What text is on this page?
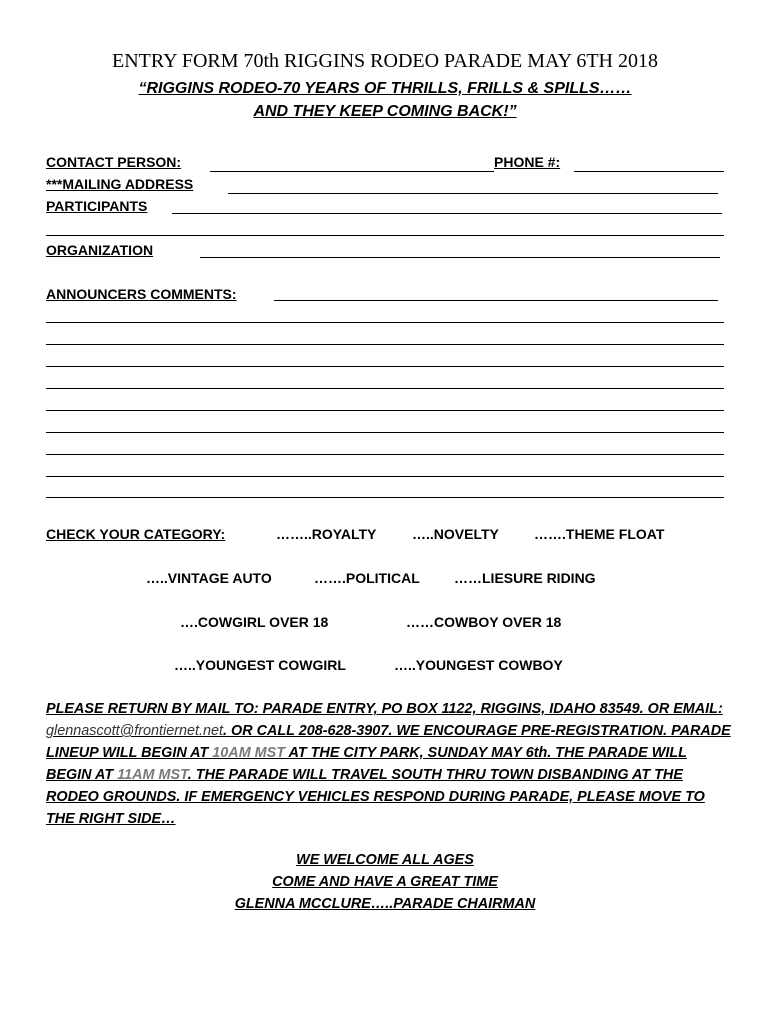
ENTRY FORM 70th RIGGINS RODEO PARADE MAY 6TH 2018
“RIGGINS RODEO-70 YEARS OF THRILLS, FRILLS & SPILLS……
AND THEY KEEP COMING BACK!”
CONTACT PERSON:	PHONE #:
***MAILING ADDRESS
PARTICIPANTS
ORGANIZATION
ANNOUNCERS COMMENTS:
CHECK YOUR CATEGORY:	……..ROYALTY	…..NOVELTY	…….THEME FLOAT
…..VINTAGE AUTO	…….POLITICAL ……LIESURE RIDING
….COWGIRL OVER 18	……COWBOY OVER 18
…..YOUNGEST COWGIRL	…..YOUNGEST COWBOY
PLEASE RETURN BY MAIL TO: PARADE ENTRY, PO BOX 1122, RIGGINS, IDAHO 83549. OR EMAIL: glennascott@frontiernet.net. OR CALL 208-628-3907. WE ENCOURAGE PRE-REGISTRATION. PARADE LINEUP WILL BEGIN AT 10AM MST AT THE CITY PARK, SUNDAY MAY 6th. THE PARADE WILL BEGIN AT 11AM MST. THE PARADE WILL TRAVEL SOUTH THRU TOWN DISBANDING AT THE RODEO GROUNDS. IF EMERGENCY VEHICLES RESPOND DURING PARADE, PLEASE MOVE TO THE RIGHT SIDE…
WE WELCOME ALL AGES
COME AND HAVE A GREAT TIME
GLENNA MCCLURE…..PARADE CHAIRMAN
